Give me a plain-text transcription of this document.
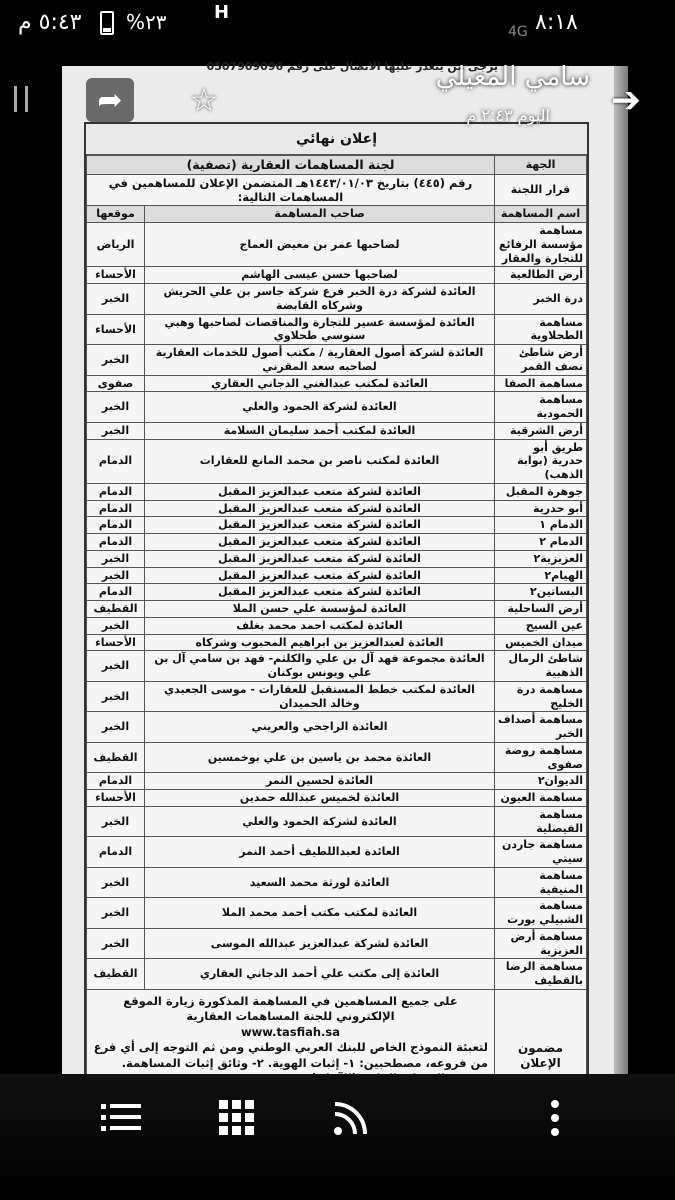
٥:٤٣ م %٢٣	H
4G ٨:١٨
يرجى من يتعذر عليها الاتصال على رقم 0507909096
إعلان نهائي
الجهة	لجنة المساهمات العقارية (تصفية)	
قرار اللجنة	رقم (٤٤٥) بتاريخ ١٤٤٣/٠١/٠٣هـ المتضمن الإعلان للمساهمين في المساهمات التالية:	
اسم المساهمة	صاحب المساهمة	موقعها
مساهمة مؤسسة الرفائع للتجارة والعقار	لصاحبها عمر بن معيض العماج	الرياض
أرض الطالعية	لصاحبها حسن عيسى الهاشم	الأحساء
درة الخبر	العائدة لشركة درة الخبر فرع شركة جاسر بن علي الحريش وشركاه القابضة	الخبر
مساهمة الطحلاوية	العائدة لمؤسسة عسير للتجارة والمناقصات لصاحبها وهبي سنوسي طحلاوي	الأحساء
أرض شاطئ نصف القمر	العائدة لشركة أصول العقارية / مكتب أصول للخدمات العقارية لصاحبه سعد المقرني	الخبر
مساهمة الصفا	العائدة لمكتب عبدالغني الدجاني العقاري	صفوى
مساهمة الحمودية	العائدة لشركة الحمود والعلي	الخبر
أرض الشرقية	العائدة لمكتب أحمد سليمان السلامة	الخبر
طريق أبو حدرية (بوابة الذهب)	العائدة لمكتب ناصر بن محمد المانع للعقارات	الدمام
جوهرة المقبل	العائدة لشركة متعب عبدالعزيز المقبل	الدمام
أبو حدرية	العائدة لشركة متعب عبدالعزيز المقبل	الدمام
الدمام ١	العائدة لشركة متعب عبدالعزيز المقبل	الدمام
الدمام ٢	العائدة لشركة متعب عبدالعزيز المقبل	الدمام
العزيزية٢	العائدة لشركة متعب عبدالعزيز المقبل	الخبر
الهيام٢	العائدة لشركة متعب عبدالعزيز المقبل	الخبر
البساتين٢	العائدة لشركة متعب عبدالعزيز المقبل	الدمام
أرض الساحلية	العائدة لمؤسسة علي حسن الملا	القطيف
عين السيح	العائدة لمكتب احمد محمد بغلف	الخبر
ميدان الخميس	العائدة لعبدالعزيز بن ابراهيم المحبوب وشركاه	الأحساء
شاطئ الرمال الذهبية	العائدة مجموعة فهد آل بن علي والكلثم- فهد بن سامي آل بن علي ويونس بوكنان	الخبر
مساهمة درة الخليج	العائدة لمكتب خطط المستقبل للعقارات - موسى الجعيدي وخالد الحميدان	الخبر
مساهمة أصداف الخبر	العائدة الراجحي والعريني	الخبر
مساهمة روضة صفوى	العائدة محمد بن ياسين بن علي بوخمسين	القطيف
الديوان٢	العائدة لحسين النمر	الدمام
مساهمة العيون	العائدة لخميس عبدالله حمدين	الأحساء
مساهمة الفيصلية	العائدة لشركة الحمود والعلي	الخبر
مساهمة جاردن سيتي	العائدة لعبداللطيف أحمد النمر	الدمام
مساهمة المنيفية	العائدة لورثة محمد السعيد	الخبر
مساهمة الشبيلي بورت	العائدة لمكتب مكتب أحمد محمد الملا	الخبر
مساهمة أرض العزيزية	العائدة لشركة عبدالعزيز عبدالله الموسى	الخبر
مساهمة الرضا بالقطيف	العائدة إلى مكتب علي أحمد الدجاني العقاري	القطيف
مضمون الإعلان	على جميع المساهمين في المساهمة المذكورة زيارة الموقع الإلكتروني للجنة المساهمات العقارية
www.tasfiah.sa
لتعبئة النموذج الخاص للبنك العربي الوطني ومن ثم التوجه إلى أي فرع من فروعه، مصطحبين: ١- إثبات الهوية. ٢- وثائق إثبات المساهمة.	
➦	☆	➔
سامي المعيلي
اليوم ٢:٤٣ م
